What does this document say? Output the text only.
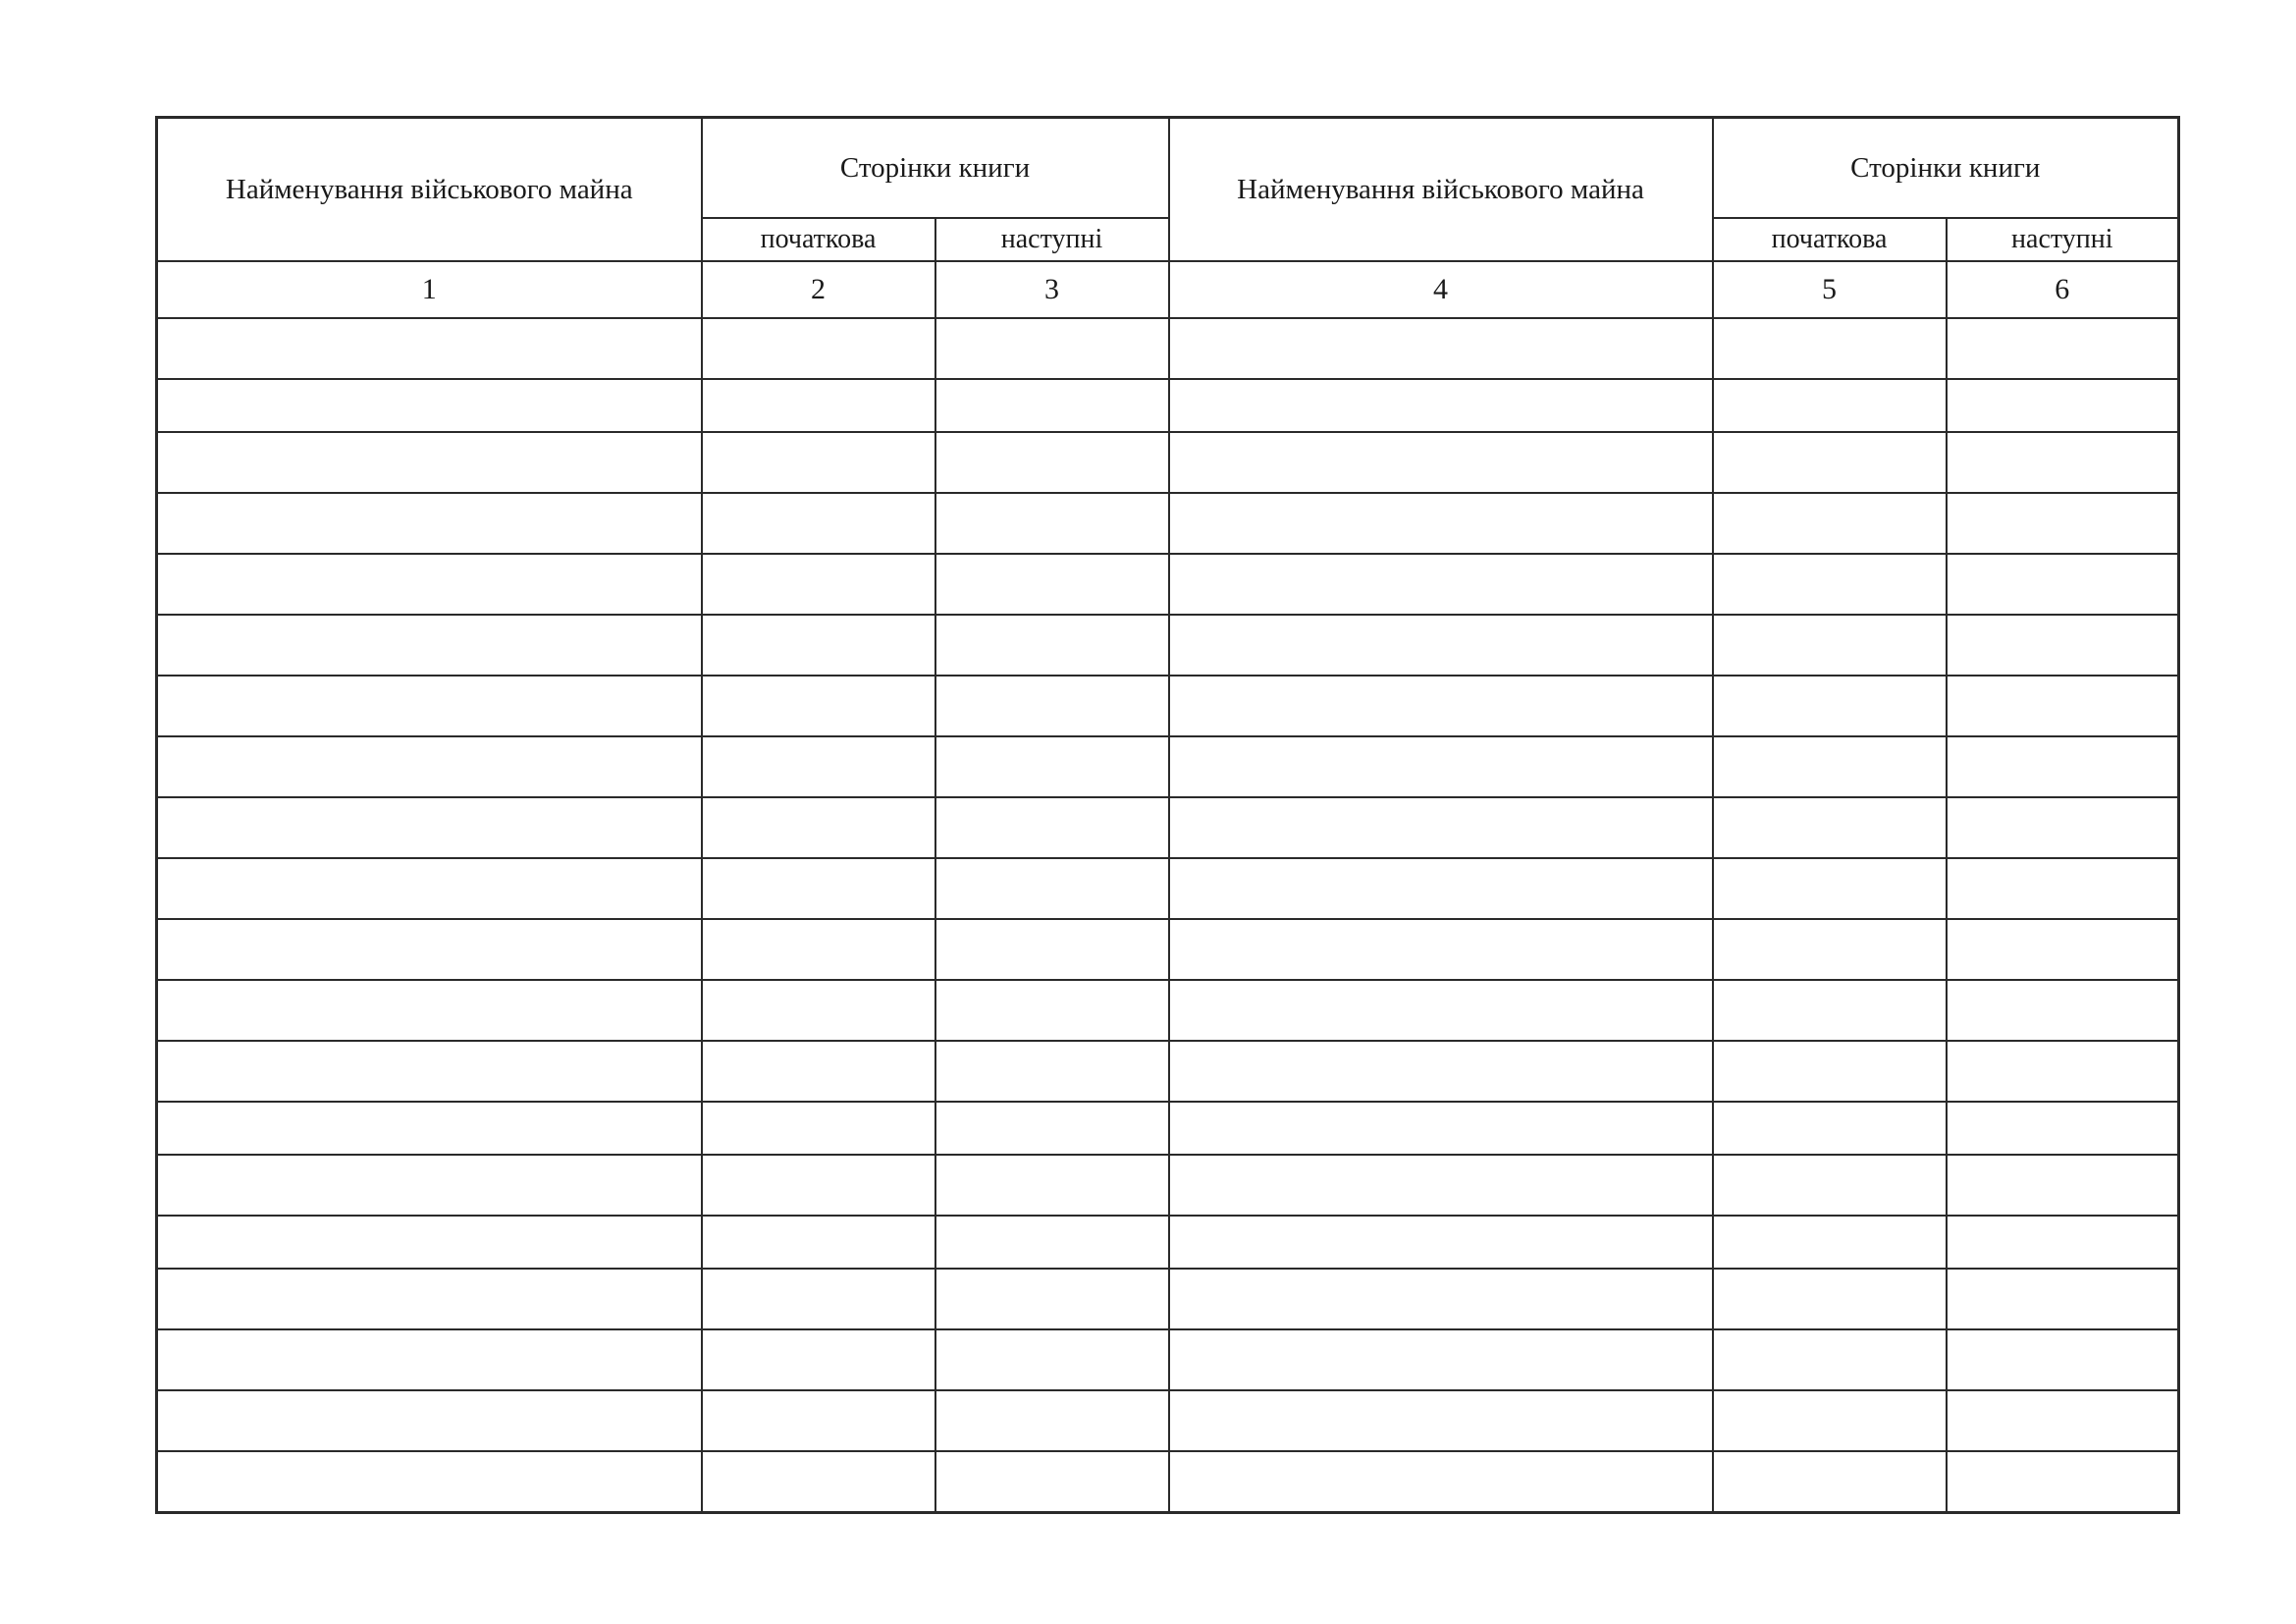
Найменування військового майна	Сторінки книги		Найменування військового майна	Сторінки книги	
	початкова	наступні		початкова	наступні
1	2	3	4	5	6
